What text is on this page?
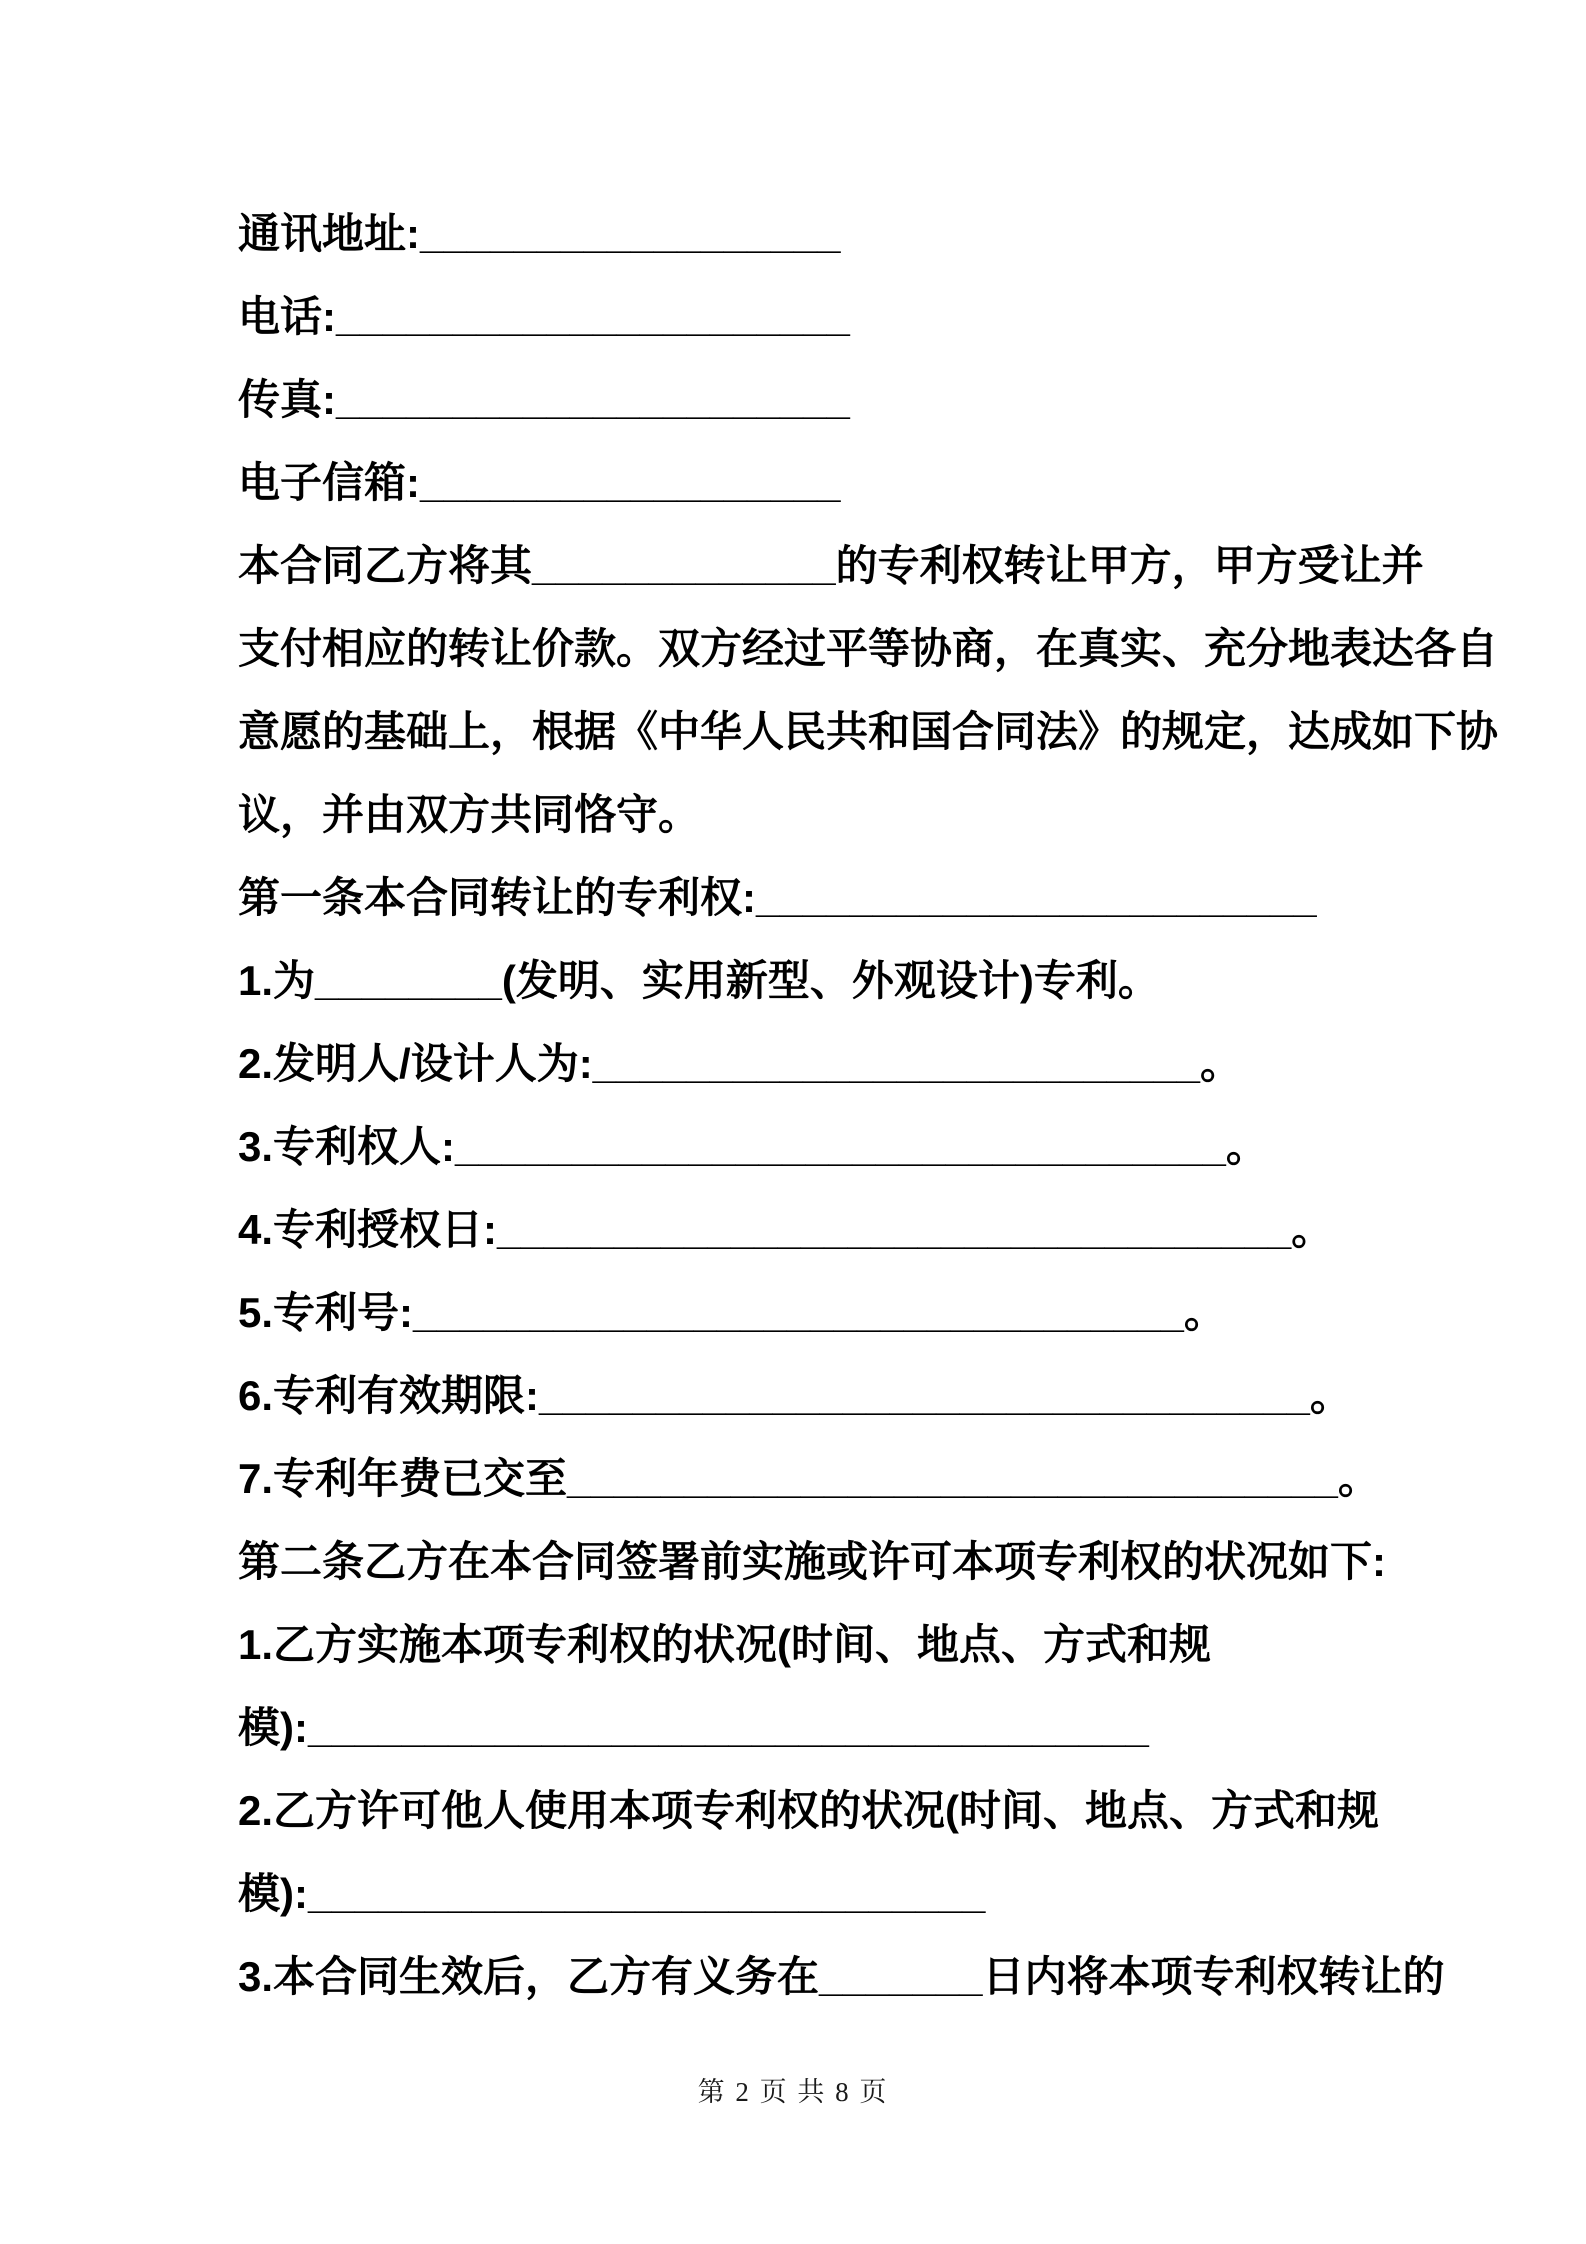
通讯地址:__________________
电话:______________________
传真:______________________
电子信箱:__________________
本合同乙方将其_____________的专利权转让甲方，甲方受让并
支付相应的转让价款。双方经过平等协商，在真实、充分地表达各自
意愿的基础上，根据《中华人民共和国合同法》的规定，达成如下协
议，并由双方共同恪守。
第一条本合同转让的专利权:________________________
1.为________(发明、实用新型、外观设计)专利。
2.发明人/设计人为:__________________________。
3.专利权人:_________________________________。
4.专利授权日:__________________________________。
5.专利号:_________________________________。
6.专利有效期限:_________________________________。
7.专利年费已交至_________________________________。
第二条乙方在本合同签署前实施或许可本项专利权的状况如下:
1.乙方实施本项专利权的状况(时间、地点、方式和规
模):____________________________________
2.乙方许可他人使用本项专利权的状况(时间、地点、方式和规
模):_____________________________
3.本合同生效后，乙方有义务在_______日内将本项专利权转让的
第 2 页 共 8 页
